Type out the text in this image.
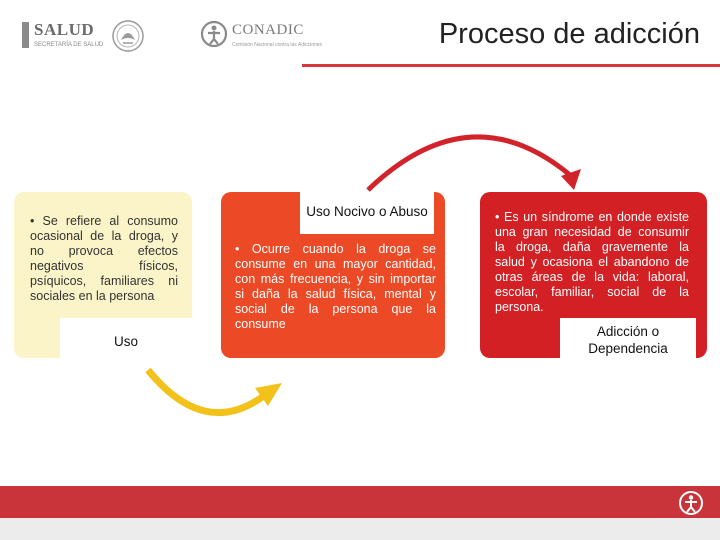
SALUD
SECRETARÍA DE SALUD
CONADIC
Comisión Nacional contra las Adicciones	Proceso de adicción
• Se refiere al consumo ocasional de la droga, y no provoca efectos negativos físicos, psíquicos, familiares ni sociales en la persona
Uso
Uso Nocivo o Abuso
• Ocurre cuando la droga se consume en una mayor cantidad, con más frecuencia, y sin importar si daña la salud física, mental y social de la persona que la consume
• Es un síndrome en donde existe una gran necesidad de consumir la droga, daña gravemente la salud y ocasiona el abandono de otras áreas de la vida: laboral, escolar, familiar, social de la persona.
Adicción o Dependencia
